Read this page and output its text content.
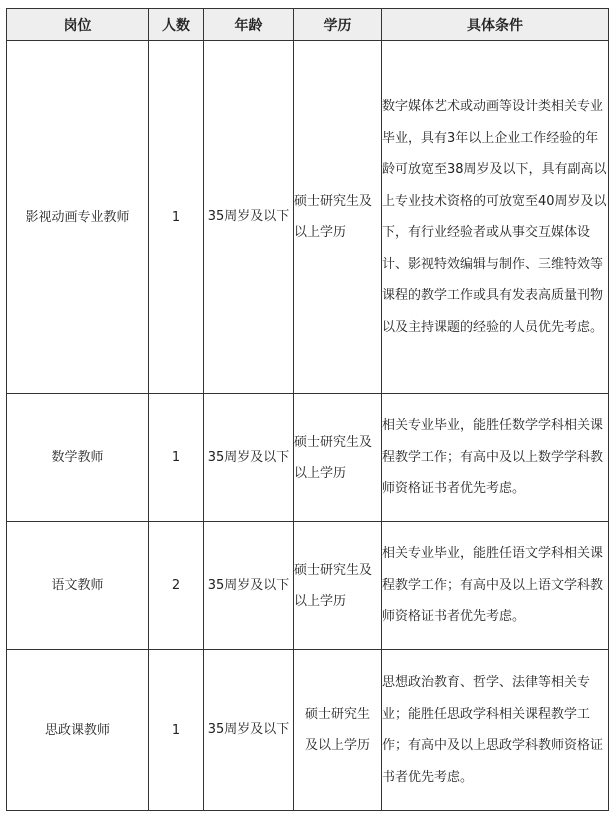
岗位	人数	年龄	学历	具体条件
影视动画专业教师	1	35周岁及以下	硕士研究生及以上学历	数字媒体艺术或动画等设计类相关专业毕业，具有3年以上企业工作经验的年龄可放宽至38周岁及以下，具有副高以上专业技术资格的可放宽至40周岁及以下，有行业经验者或从事交互媒体设计、影视特效编辑与制作、三维特效等课程的教学工作或具有发表高质量刊物以及主持课题的经验的人员优先考虑。
数学教师	1	35周岁及以下	硕士研究生及以上学历	相关专业毕业，能胜任数学学科相关课程教学工作；有高中及以上数学学科教师资格证书者优先考虑。
语文教师	2	35周岁及以下	硕士研究生及以上学历	相关专业毕业，能胜任语文学科相关课程教学工作；有高中及以上语文学科教师资格证书者优先考虑。
思政课教师	1	35周岁及以下	硕士研究生及以上学历	思想政治教育、哲学、法律等相关专业；能胜任思政学科相关课程教学工作；有高中及以上思政学科教师资格证书者优先考虑。
